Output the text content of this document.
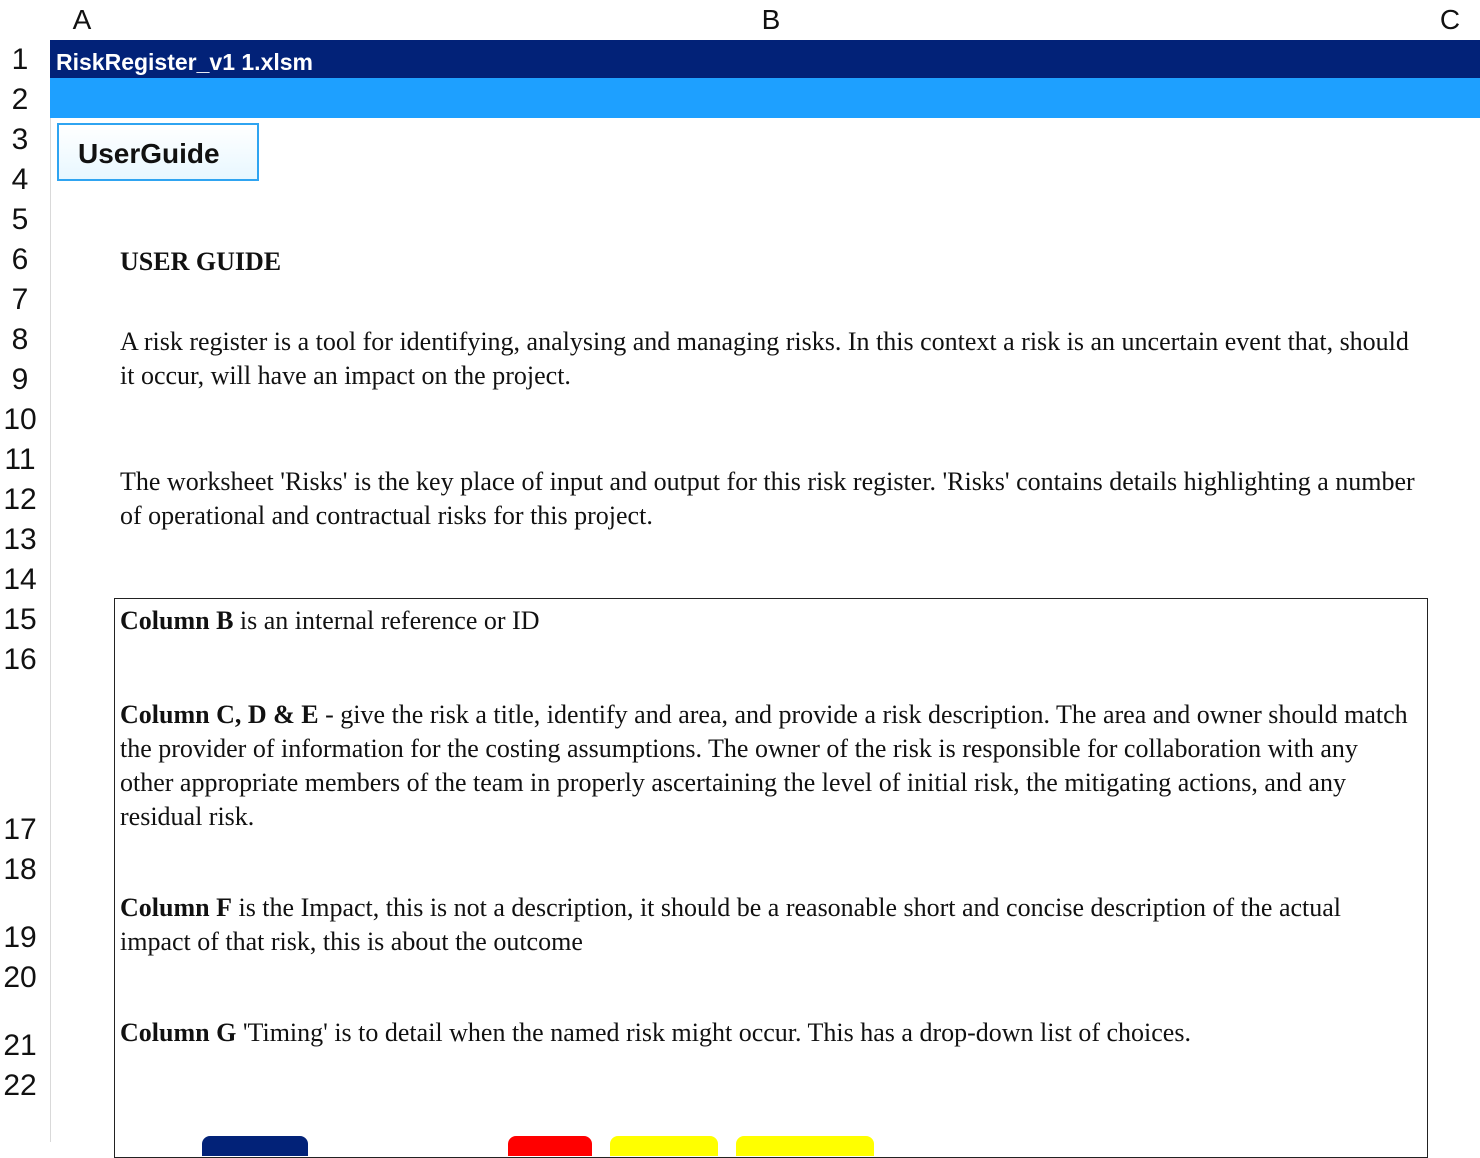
A	B	C
1
2
3
4
5
6
7
8
9
10
11
12
13
14
15
16
17
18
19
20
21
22
RiskRegister_v1 1.xlsm
UserGuide
USER GUIDE
A risk register is a tool for identifying, analysing and managing risks. In this context a risk is an uncertain event that, should it occur, will have an impact on the project.
The worksheet 'Risks' is the key place of input and output for this risk register. 'Risks' contains details highlighting a number of operational and contractual risks for this project.
Column B is an internal reference or ID
Column C, D & E - give the risk a title, identify and area, and provide a risk description. The area and owner should match the provider of information for the costing assumptions. The owner of the risk is responsible for collaboration with any other appropriate members of the team in properly ascertaining the level of initial risk, the mitigating actions, and any residual risk.
Column F is the Impact, this is not a description, it should be a reasonable short and concise description of the actual impact of that risk, this is about the outcome
Column G 'Timing' is to detail when the named risk might occur. This has a drop-down list of choices.
